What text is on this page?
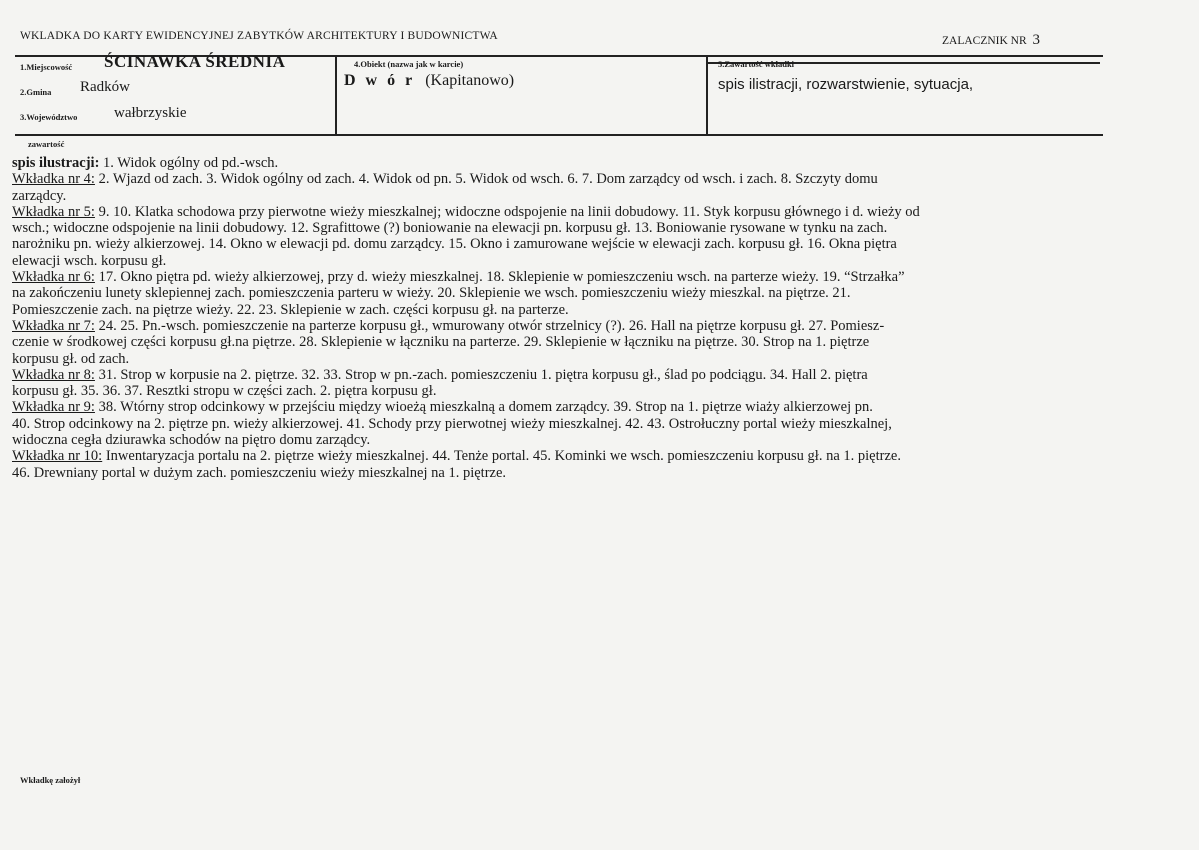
WKLADKA DO KARTY EWIDENCYJNEJ ZABYTKÓW ARCHITEKTURY I BUDOWNICTWA	ZALACZNIK NR 3
1.Miejscowość ŚCINAWKA ŚREDNIA
2.Gmina Radków
3.Województwo wałbrzyskie
4.Obiekt (nazwa jak w karcie)
D w ó r (Kapitanowo)
5.Zawartość wkładki
spis ilistracji, rozwarstwienie, sytuacja,
zawartość
spis ilustracji: 1. Widok ogólny od pd.-wsch.
Wkładka nr 4: 2. Wjazd od zach. 3. Widok ogólny od zach. 4. Widok od pn. 5. Widok od wsch. 6. 7. Dom zarządcy od wsch. i zach. 8. Szczyty domu
zarządcy.
Wkładka nr 5: 9. 10. Klatka schodowa przy pierwotne wieży mieszkalnej; widoczne odspojenie na linii dobudowy. 11. Styk korpusu głównego i d. wieży od
wsch.; widoczne odspojenie na linii dobudowy. 12. Sgrafittowe (?) boniowanie na elewacji pn. korpusu gł. 13. Boniowanie rysowane w tynku na zach.
narożniku pn. wieży alkierzowej. 14. Okno w elewacji pd. domu zarządcy. 15. Okno i zamurowane wejście w elewacji zach. korpusu gł. 16. Okna piętra
elewacji wsch. korpusu gł.
Wkładka nr 6: 17. Okno piętra pd. wieży alkierzowej, przy d. wieży mieszkalnej. 18. Sklepienie w pomieszczeniu wsch. na parterze wieży. 19. “Strzałka”
na zakończeniu lunety sklepiennej zach. pomieszczenia parteru w wieży. 20. Sklepienie we wsch. pomieszczeniu wieży mieszkal. na piętrze. 21.
Pomieszczenie zach. na piętrze wieży. 22. 23. Sklepienie w zach. części korpusu gł. na parterze.
Wkładka nr 7: 24. 25. Pn.-wsch. pomieszczenie na parterze korpusu gł., wmurowany otwór strzelnicy (?). 26. Hall na piętrze korpusu gł. 27. Pomiesz-
czenie w środkowej części korpusu gł.na piętrze. 28. Sklepienie w łączniku na parterze. 29. Sklepienie w łączniku na piętrze. 30. Strop na 1. piętrze
korpusu gł. od zach.
Wkładka nr 8: 31. Strop w korpusie na 2. piętrze. 32. 33. Strop w pn.-zach. pomieszczeniu 1. piętra korpusu gł., ślad po podciągu. 34. Hall 2. piętra
korpusu gł. 35. 36. 37. Resztki stropu w części zach. 2. piętra korpusu gł.
Wkładka nr 9: 38. Wtórny strop odcinkowy w przejściu między wioeżą mieszkalną a domem zarządcy. 39. Strop na 1. piętrze wiaży alkierzowej pn.
40. Strop odcinkowy na 2. piętrze pn. wieży alkierzowej. 41. Schody przy pierwotnej wieży mieszkalnej. 42. 43. Ostrołuczny portal wieży mieszkalnej,
widoczna cegła dziurawka schodów na piętro domu zarządcy.
Wkładka nr 10: Inwentaryzacja portalu na 2. piętrze wieży mieszkalnej. 44. Tenże portal. 45. Kominki we wsch. pomieszczeniu korpusu gł. na 1. piętrze.
46. Drewniany portal w dużym zach. pomieszczeniu wieży mieszkalnej na 1. piętrze.
Wkładkę założył
